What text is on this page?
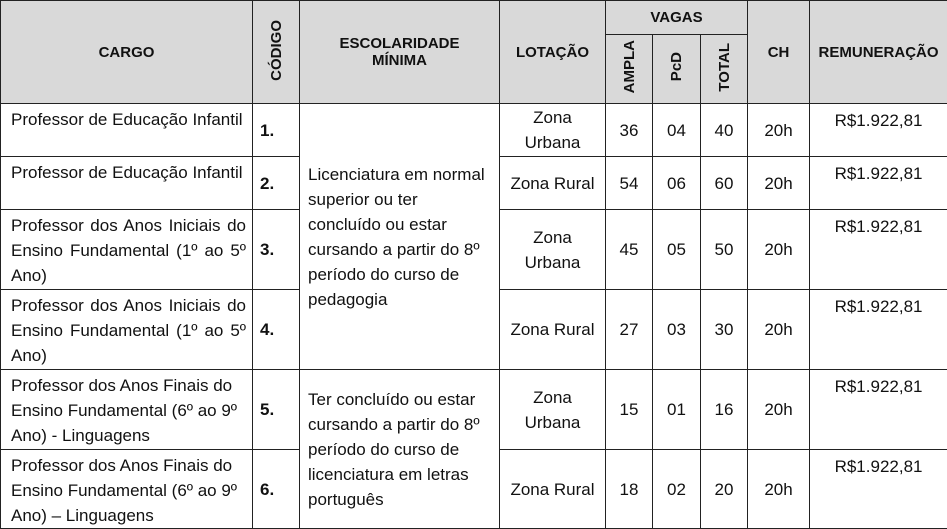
CARGO	CÓDIGO	ESCOLARIDADE MÍNIMA	LOTAÇÃO	VAGAS			CH	REMUNERAÇÃO
				AMPLA	PcD	TOTAL		
Professor de Educação Infantil	1.	Licenciatura em normal superior ou ter concluído ou estar cursando a partir do 8º período do curso de pedagogia	Zona Urbana	36	04	40	20h	R$1.922,81
Professor de Educação Infantil	2.		Zona Rural	54	06	60	20h	R$1.922,81
Professor dos Anos Iniciais do Ensino Fundamental (1º ao 5º Ano)	3.		Zona Urbana	45	05	50	20h	R$1.922,81
Professor dos Anos Iniciais do Ensino Fundamental (1º ao 5º Ano)	4.		Zona Rural	27	03	30	20h	R$1.922,81
Professor dos Anos Finais do Ensino Fundamental (6º ao 9º Ano) - Linguagens	5.	Ter concluído ou estar cursando a partir do 8º período do curso de licenciatura em letras português	Zona Urbana	15	01	16	20h	R$1.922,81
Professor dos Anos Finais do Ensino Fundamental (6º ao 9º Ano) – Linguagens	6.		Zona Rural	18	02	20	20h	R$1.922,81
